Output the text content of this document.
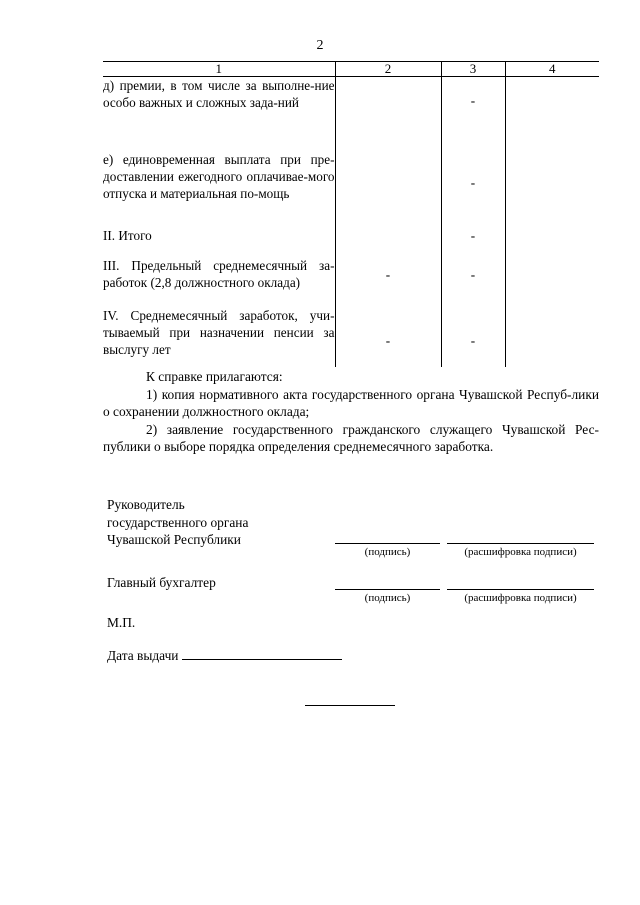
2
1	2	3	4
д) премии, в том числе за выполне-ние особо важных и сложных зада-ний		-	

е) единовременная выплата при пре-доставлении ежегодного оплачивае-мого отпуска и материальная по-мощь		-	

II. Итого		-	
III. Предельный среднемесячный за-работок (2,8 должностного оклада)	-	-	

IV. Среднемесячный заработок, учи-тываемый при назначении пенсии за выслугу лет	-	-	

К справке прилагаются:

1) копия нормативного акта государственного органа Чувашской Респуб-лики о сохранении должностного оклада;

2) заявление государственного гражданского служащего Чувашской Рес-публики о выборе порядка определения среднемесячного заработка.

Руководитель
государственного органа
Чувашской Республики
(подпись)	(расшифровка подписи)
Главный бухгалтер
(подпись)	(расшифровка подписи)
М.П.
Дата выдачи
